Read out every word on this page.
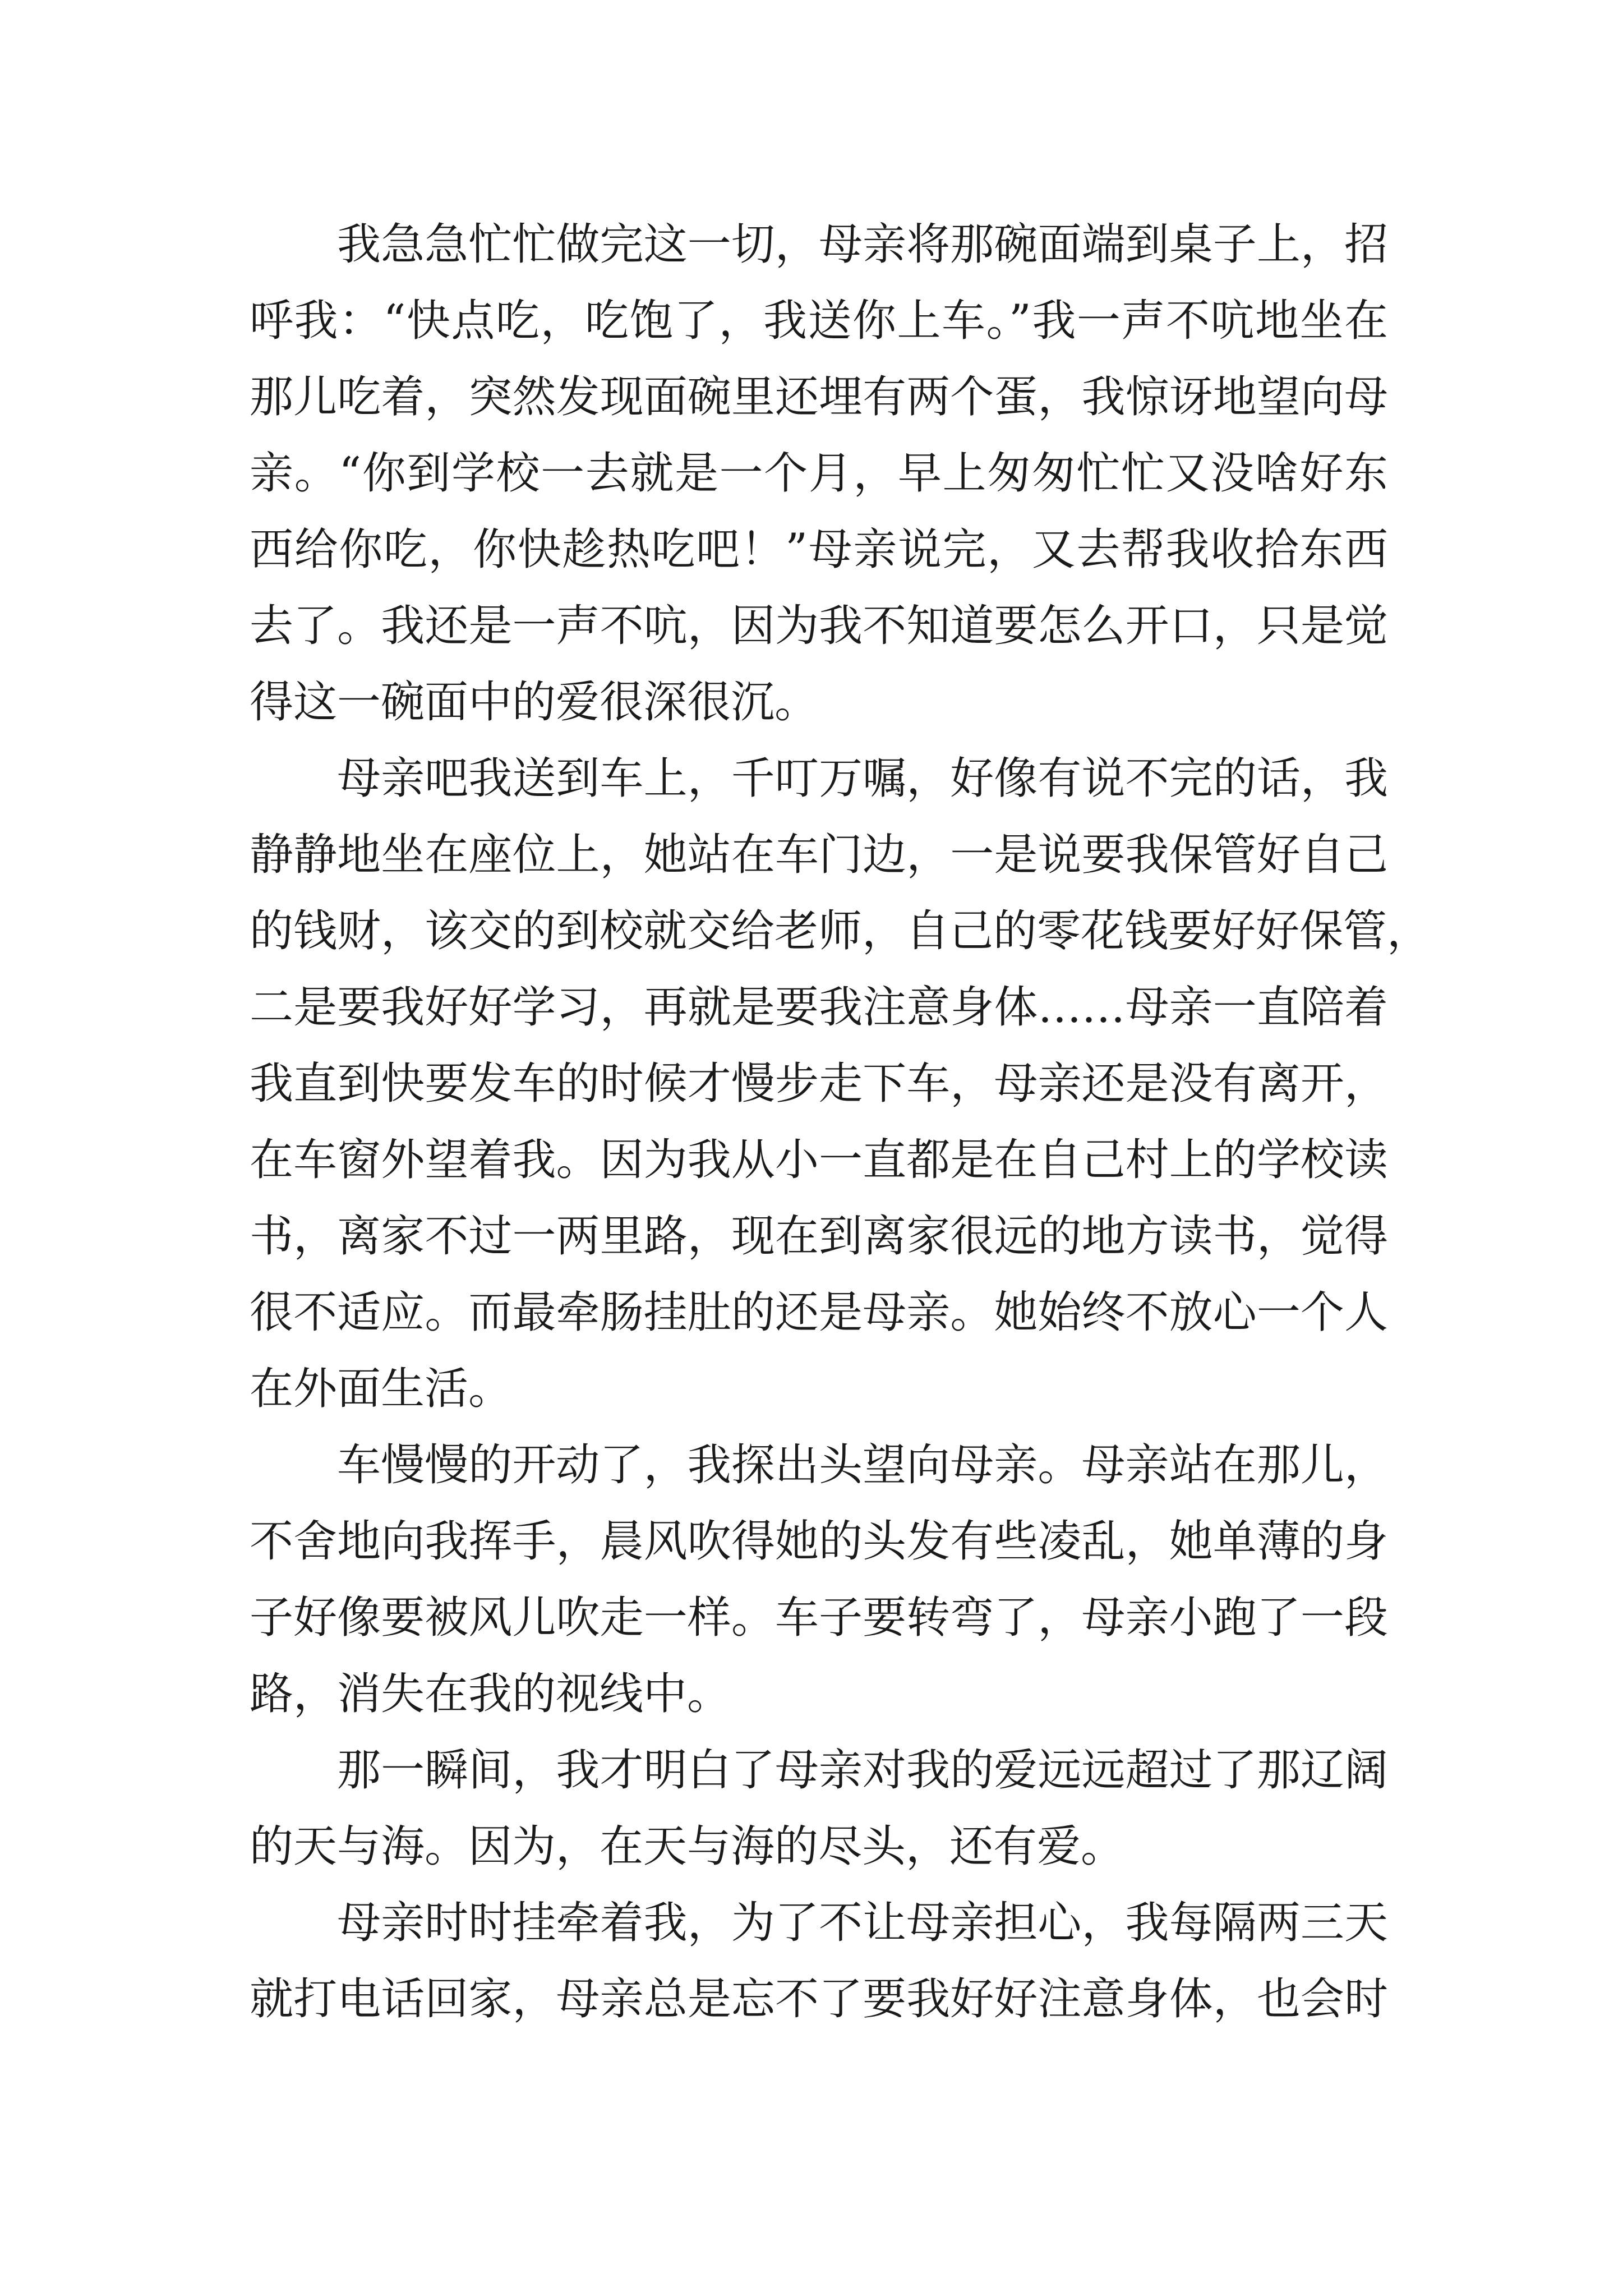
我急急忙忙做完这一切，母亲将那碗面端到桌子上，招
呼我：“快点吃，吃饱了，我送你上车。”我一声不吭地坐在
那儿吃着，突然发现面碗里还埋有两个蛋，我惊讶地望向母
亲。“你到学校一去就是一个月，早上匆匆忙忙又没啥好东
西给你吃，你快趁热吃吧！”母亲说完，又去帮我收拾东西
去了。我还是一声不吭，因为我不知道要怎么开口，只是觉
得这一碗面中的爱很深很沉。
母亲吧我送到车上，千叮万嘱，好像有说不完的话，我
静静地坐在座位上，她站在车门边，一是说要我保管好自己
的钱财，该交的到校就交给老师，自己的零花钱要好好保管，
二是要我好好学习，再就是要我注意身体……母亲一直陪着
我直到快要发车的时候才慢步走下车，母亲还是没有离开，
在车窗外望着我。因为我从小一直都是在自己村上的学校读
书，离家不过一两里路，现在到离家很远的地方读书，觉得
很不适应。而最牵肠挂肚的还是母亲。她始终不放心一个人
在外面生活。
车慢慢的开动了，我探出头望向母亲。母亲站在那儿，
不舍地向我挥手，晨风吹得她的头发有些凌乱，她单薄的身
子好像要被风儿吹走一样。车子要转弯了，母亲小跑了一段
路，消失在我的视线中。
那一瞬间，我才明白了母亲对我的爱远远超过了那辽阔
的天与海。因为，在天与海的尽头，还有爱。
母亲时时挂牵着我，为了不让母亲担心，我每隔两三天
就打电话回家，母亲总是忘不了要我好好注意身体，也会时
